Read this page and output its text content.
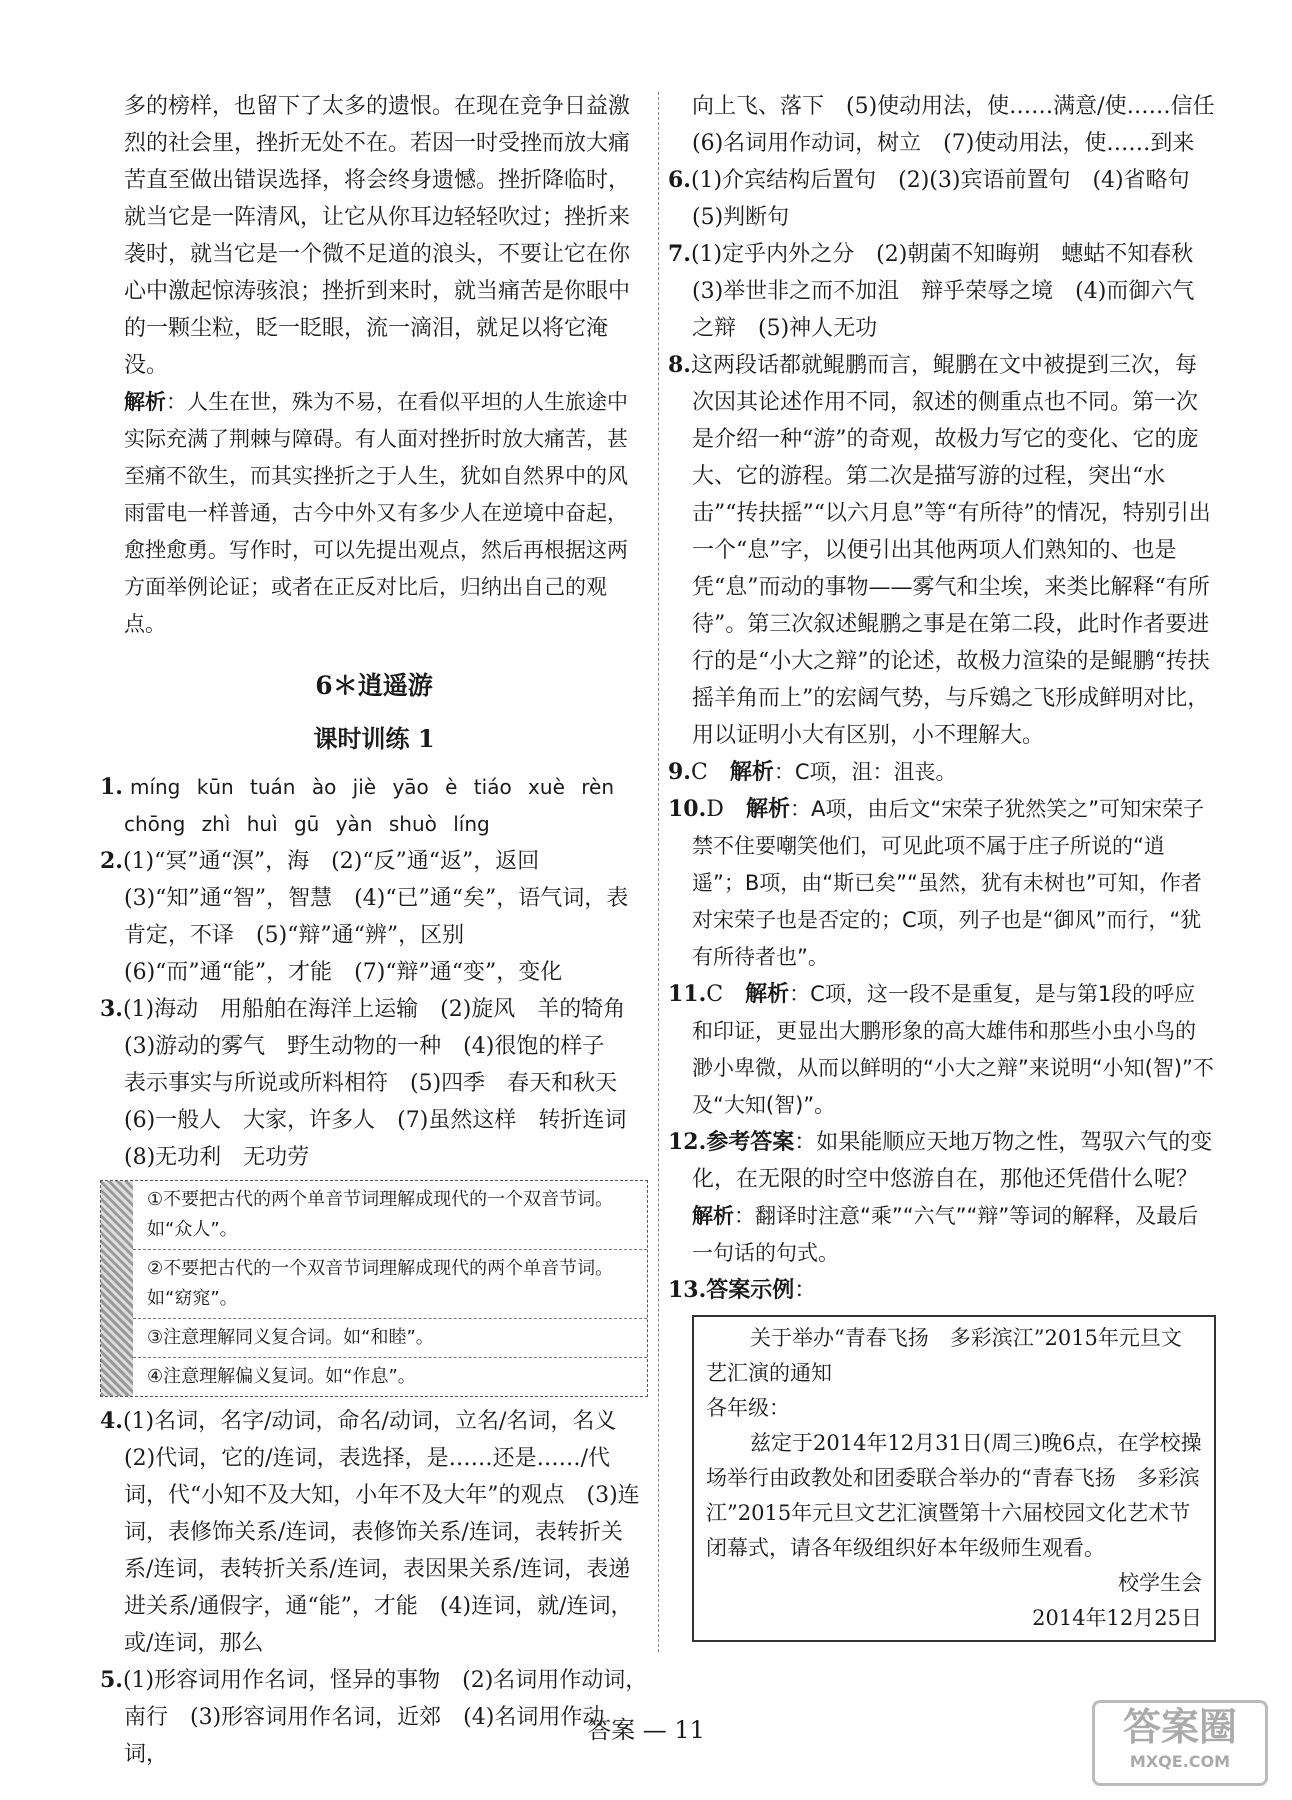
多的榜样，也留下了太多的遗恨。在现在竞争日益激烈的社会里，挫折无处不在。若因一时受挫而放大痛苦直至做出错误选择，将会终身遗憾。挫折降临时，就当它是一阵清风，让它从你耳边轻轻吹过；挫折来袭时，就当它是一个微不足道的浪头，不要让它在你心中激起惊涛骇浪；挫折到来时，就当痛苦是你眼中的一颗尘粒，眨一眨眼，流一滴泪，就足以将它淹没。

解析：人生在世，殊为不易，在看似平坦的人生旅途中实际充满了荆棘与障碍。有人面对挫折时放大痛苦，甚至痛不欲生，而其实挫折之于人生，犹如自然界中的风雨雷电一样普通，古今中外又有多少人在逆境中奋起，愈挫愈勇。写作时，可以先提出观点，然后再根据这两方面举例论证；或者在正反对比后，归纳出自己的观点。

6＊逍遥游
课时训练 1
1. míng kūn tuán ào jiè yāo è tiáo xuè rèn
chōng zhì huì gū yàn shuò líng

2.(1)“冥”通“溟”，海　(2)“反”通“返”，返回　(3)“知”通“智”，智慧　(4)“已”通“矣”，语气词，表肯定，不译　(5)“辩”通“辨”，区别　(6)“而”通“能”，才能　(7)“辩”通“变”，变化

3.(1)海动　用船舶在海洋上运输　(2)旋风　羊的犄角　(3)游动的雾气　野生动物的一种　(4)很饱的样子　表示事实与所说或所料相符　(5)四季　春天和秋天　(6)一般人　大家，许多人　(7)虽然这样　转折连词　(8)无功利　无功劳

①不要把古代的两个单音节词理解成现代的一个双音节词。如“众人”。
②不要把古代的一个双音节词理解成现代的两个单音节词。如“窈窕”。
③注意理解同义复合词。如“和睦”。
④注意理解偏义复词。如“作息”。

4.(1)名词，名字/动词，命名/动词，立名/名词，名义　(2)代词，它的/连词，表选择，是……还是……/代词，代“小知不及大知，小年不及大年”的观点　(3)连词，表修饰关系/连词，表修饰关系/连词，表转折关系/连词，表转折关系/连词，表因果关系/连词，表递进关系/通假字，通“能”，才能　(4)连词，就/连词，或/连词，那么

5.(1)形容词用作名词，怪异的事物　(2)名词用作动词，南行　(3)形容词用作名词，近郊　(4)名词用作动词，

向上飞、落下　(5)使动用法，使……满意/使……信任　(6)名词用作动词，树立　(7)使动用法，使……到来

6.(1)介宾结构后置句　(2)(3)宾语前置句　(4)省略句　(5)判断句

7.(1)定乎内外之分　(2)朝菌不知晦朔　蟪蛄不知春秋　(3)举世非之而不加沮　辩乎荣辱之境　(4)而御六气之辩　(5)神人无功

8.这两段话都就鲲鹏而言，鲲鹏在文中被提到三次，每次因其论述作用不同，叙述的侧重点也不同。第一次是介绍一种“游”的奇观，故极力写它的变化、它的庞大、它的游程。第二次是描写游的过程，突出“水击”“抟扶摇”“以六月息”等“有所待”的情况，特别引出一个“息”字，以便引出其他两项人们熟知的、也是凭“息”而动的事物——雾气和尘埃，来类比解释“有所待”。第三次叙述鲲鹏之事是在第二段，此时作者要进行的是“小大之辩”的论述，故极力渲染的是鲲鹏“抟扶摇羊角而上”的宏阔气势，与斥鴳之飞形成鲜明对比，用以证明小大有区别，小不理解大。

9.C　 解析：C项，沮：沮丧。

10.D　 解析：A项，由后文“宋荣子犹然笑之”可知宋荣子禁不住要嘲笑他们，可见此项不属于庄子所说的“逍遥”；B项，由“斯已矣”“虽然，犹有未树也”可知，作者对宋荣子也是否定的；C项，列子也是“御风”而行，“犹有所待者也”。

11.C　 解析：C项，这一段不是重复，是与第1段的呼应和印证，更显出大鹏形象的高大雄伟和那些小虫小鸟的渺小卑微，从而以鲜明的“小大之辩”来说明“小知(智)”不及“大知(智)”。

12.参考答案：如果能顺应天地万物之性，驾驭六气的变化，在无限的时空中悠游自在，那他还凭借什么呢？

解析：翻译时注意“乘”“六气”“辩”等词的解释，及最后一句话的句式。

13.答案示例：

关于举办“青春飞扬　多彩滨江”2015年元旦文艺汇演的通知

各年级：

兹定于2014年12月31日(周三)晚6点，在学校操场举行由政教处和团委联合举办的“青春飞扬　多彩滨江”2015年元旦文艺汇演暨第十六届校园文化艺术节闭幕式，请各年级组织好本年级师生观看。

校学生会

2014年12月25日

答案 — 11	答案圈
MXQE.COM
